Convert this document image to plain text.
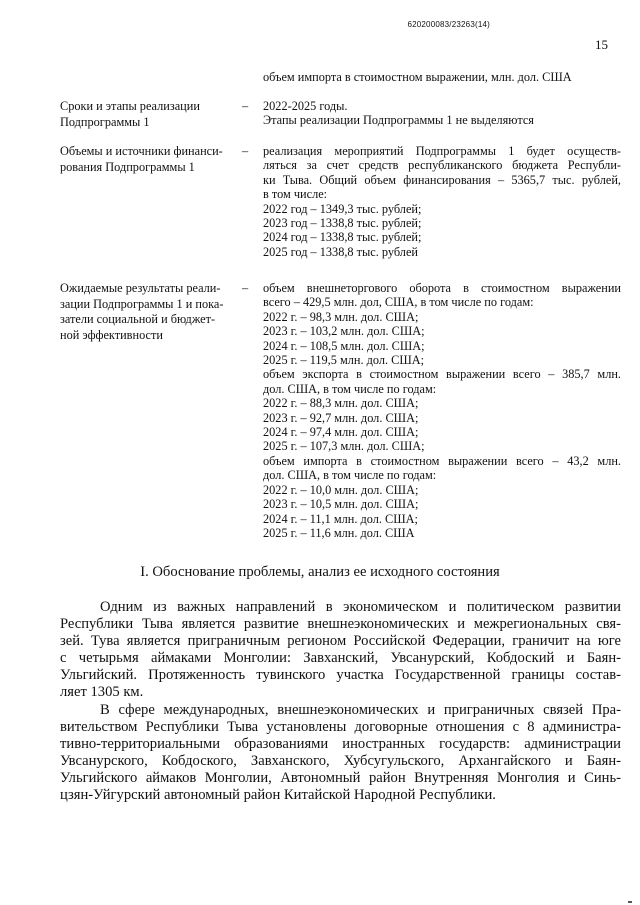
620200083/23263(14)
15
объем импорта в стоимостном выражении, млн. дол. США
Сроки и этапы реализации
Подпрограммы 1
– 2022-2025 годы.
Этапы реализации Подпрограммы 1 не выделяются
Объемы и источники финанси-
рования Подпрограммы 1
– реализация мероприятий Подпрограммы 1 будет осуществ-
ляться за счет средств республиканского бюджета Республи-
ки Тыва. Общий объем финансирования – 5365,7 тыс. рублей,
в том числе:
2022 год – 1349,3 тыс. рублей;
2023 год – 1338,8 тыс. рублей;
2024 год – 1338,8 тыс. рублей;
2025 год – 1338,8 тыс. рублей
Ожидаемые результаты реали-
зации Подпрограммы 1 и пока-
затели социальной и бюджет-
ной эффективности
– объем внешнеторгового оборота в стоимостном выражении
всего – 429,5 млн. дол, США, в том числе по годам:
2022 г. – 98,3 млн. дол. США;
2023 г. – 103,2 млн. дол. США;
2024 г. – 108,5 млн. дол. США;
2025 г. – 119,5 млн. дол. США;
объем экспорта в стоимостном выражении всего – 385,7 млн.
дол. США, в том числе по годам:
2022 г. – 88,3 млн. дол. США;
2023 г. – 92,7 млн. дол. США;
2024 г. – 97,4 млн. дол. США;
2025 г. – 107,3 млн. дол. США;
объем импорта в стоимостном выражении всего – 43,2 млн.
дол. США, в том числе по годам:
2022 г. – 10,0 млн. дол. США;
2023 г. – 10,5 млн. дол. США;
2024 г. – 11,1 млн. дол. США;
2025 г. – 11,6 млн. дол. США
I. Обоснование проблемы, анализ ее исходного состояния
Одним из важных направлений в экономическом и политическом развитии
Республики Тыва является развитие внешнеэкономических и межрегиональных свя-
зей. Тува является приграничным регионом Российской Федерации, граничит на юге
с четырьмя аймаками Монголии: Завханский, Увсанурский, Кобдоский и Баян-
Ульгийский. Протяженность тувинского участка Государственной границы состав-
ляет 1305 км.
В сфере международных, внешнеэкономических и приграничных связей Пра-
вительством Республики Тыва установлены договорные отношения с 8 администра-
тивно-территориальными образованиями иностранных государств: администрации
Увсанурского, Кобдоского, Завханского, Хубсугульского, Архангайского и Баян-
Ульгийского аймаков Монголии, Автономный район Внутренняя Монголия и Синь-
цзян-Уйгурский автономный район Китайской Народной Республики.
